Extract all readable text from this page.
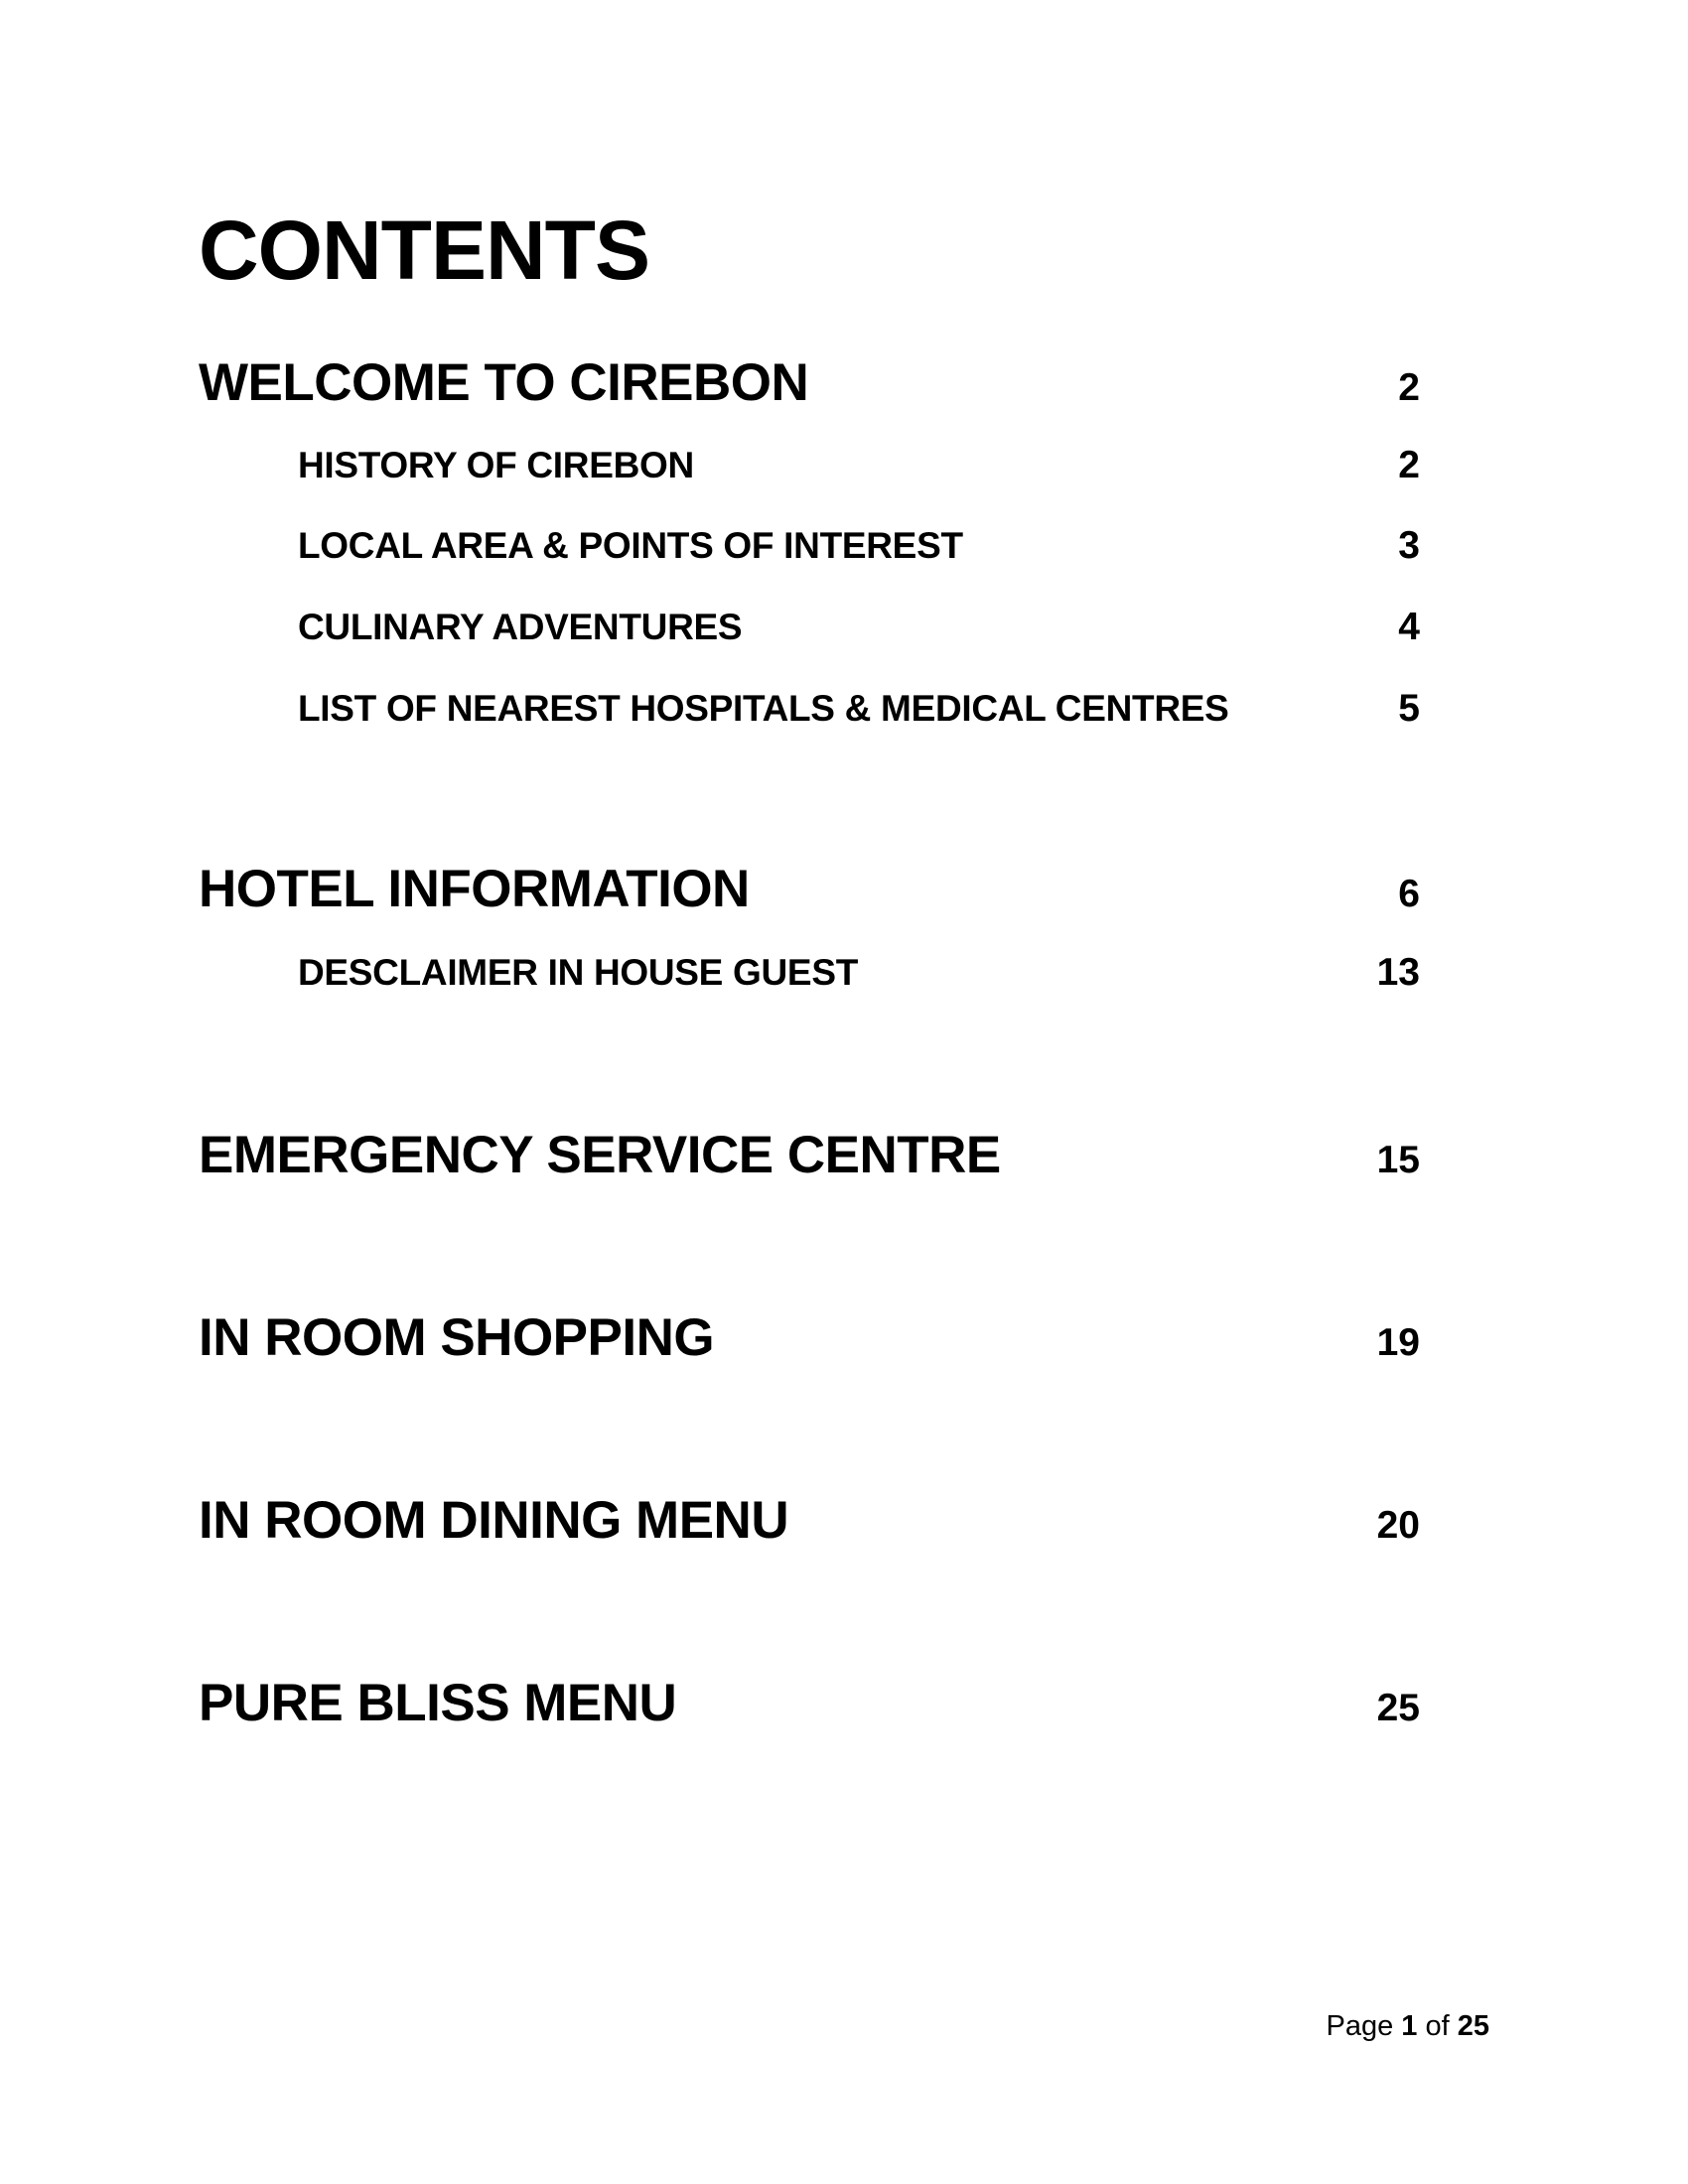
CONTENTS
WELCOME TO CIREBON	2
HISTORY OF CIREBON	2
LOCAL AREA & POINTS OF INTEREST	3
CULINARY ADVENTURES	4
LIST OF NEAREST HOSPITALS & MEDICAL CENTRES	5
HOTEL INFORMATION	6
DESCLAIMER IN HOUSE GUEST	13
EMERGENCY SERVICE CENTRE	15
IN ROOM SHOPPING	19
IN ROOM DINING MENU	20
PURE BLISS MENU	25
Page 1 of 25
